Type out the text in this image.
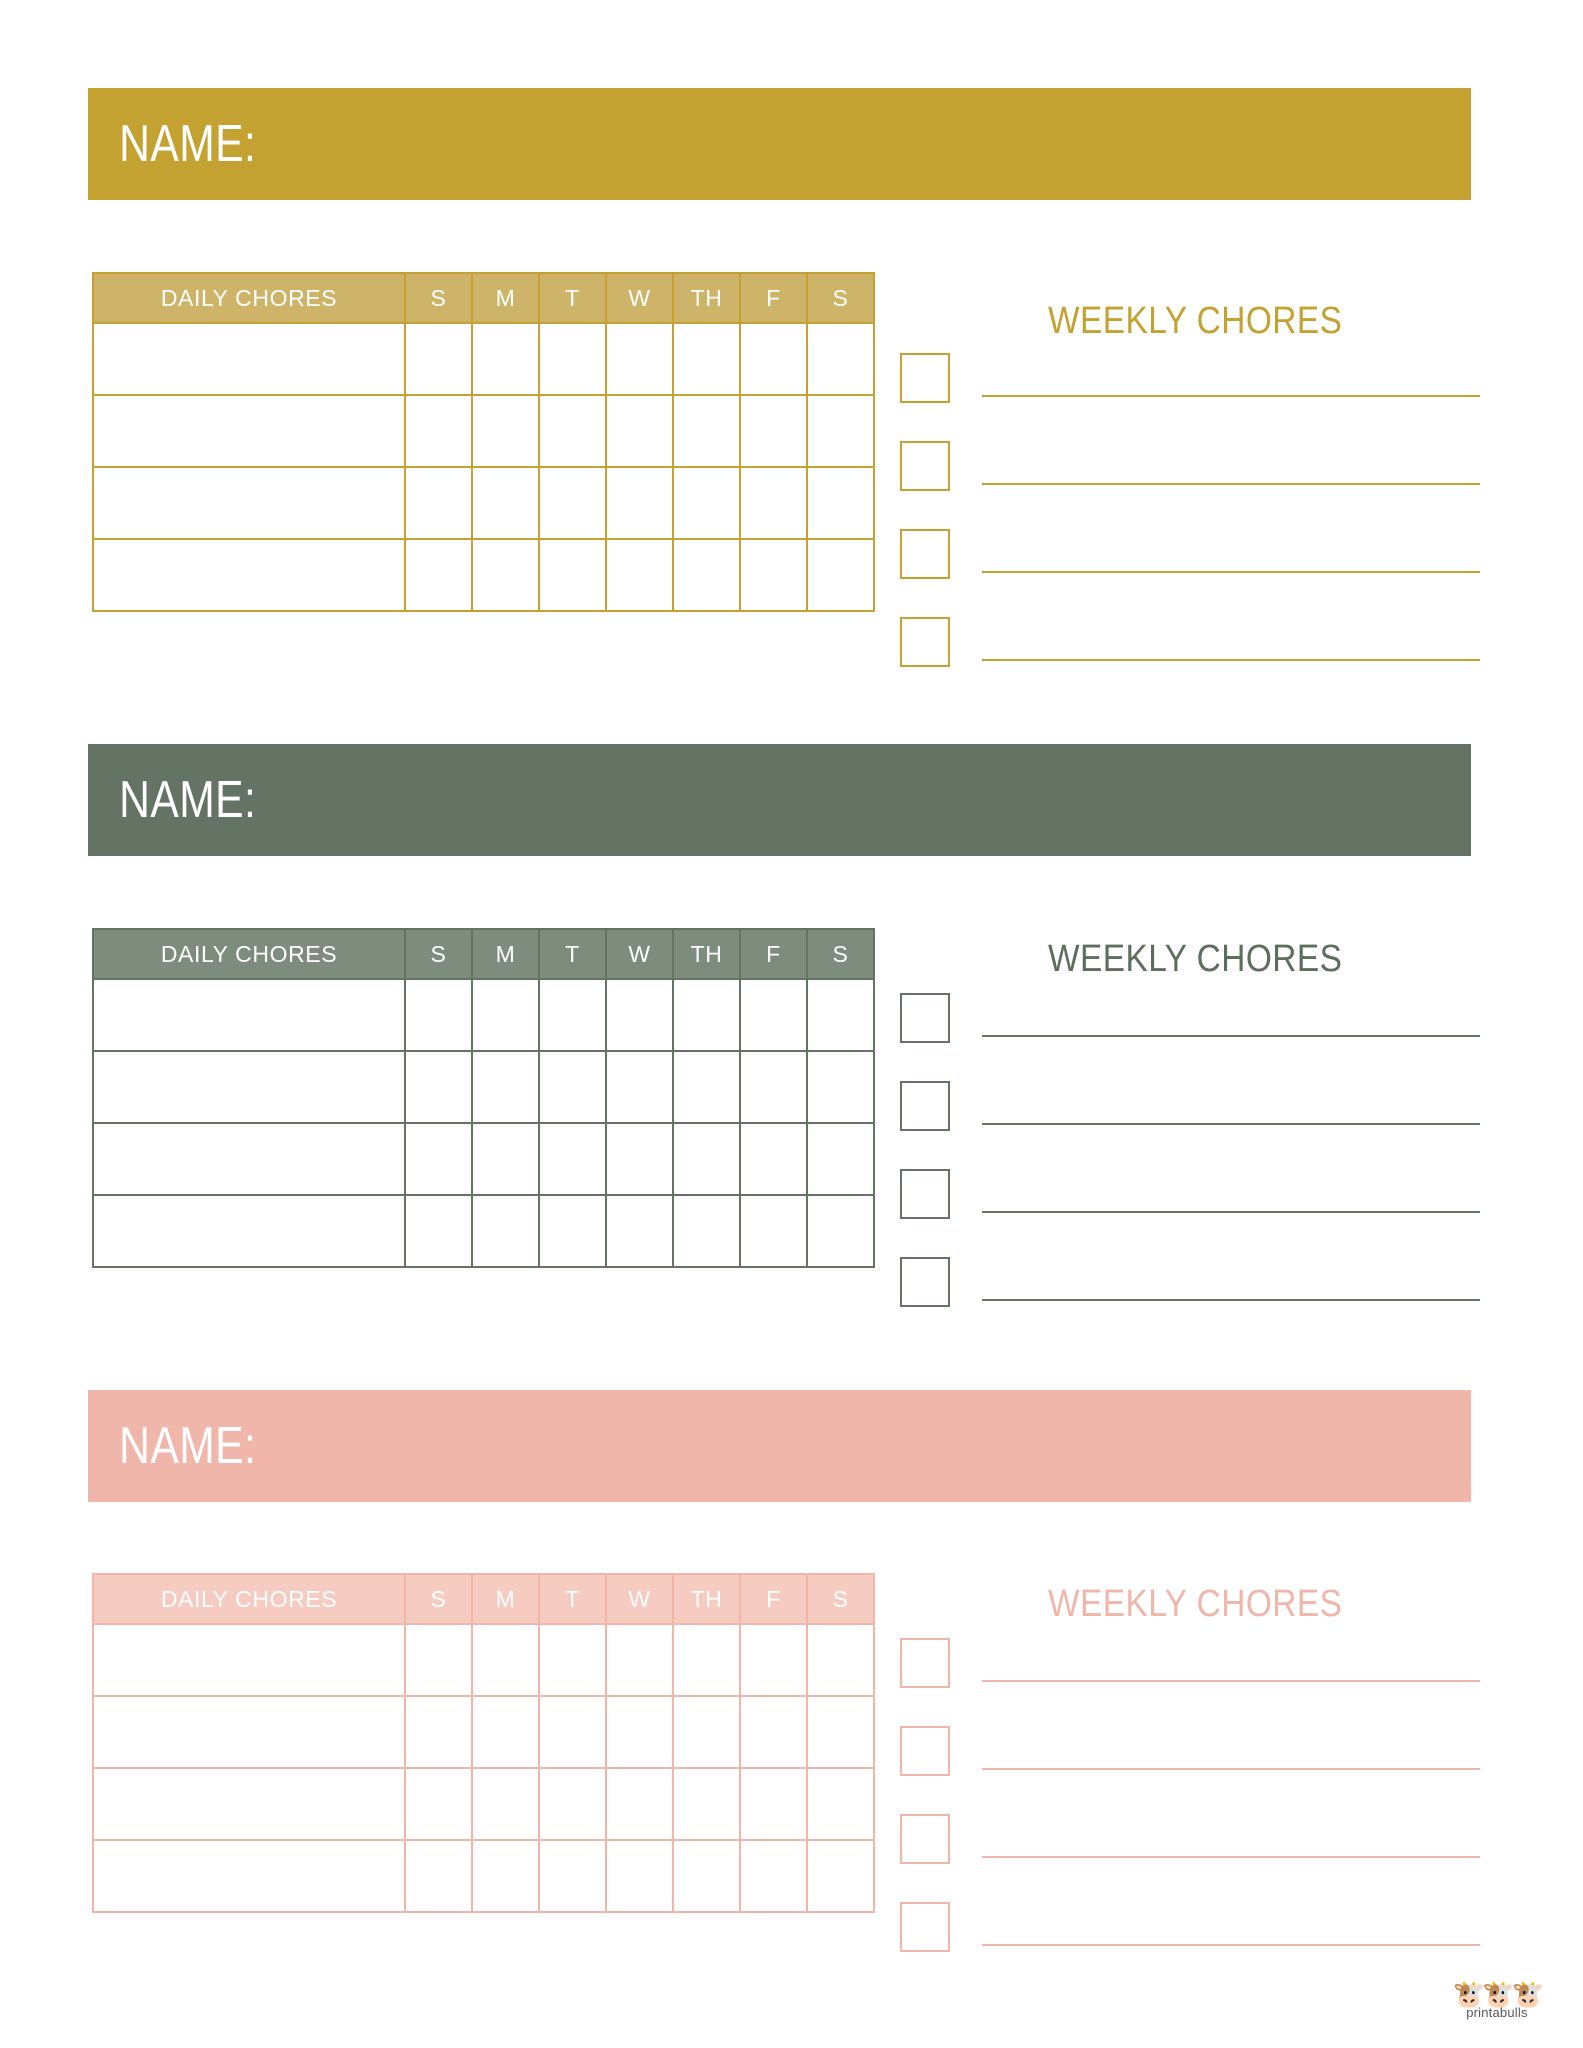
NAME:
DAILY CHORES	S	M	T	W	TH	F	S

WEEKLY CHORES
NAME:
DAILY CHORES	S	M	T	W	TH	F	S

								WEEKLY CHORES
NAME:
DAILY CHORES	S	M	T	W	TH	F	S

								WEEKLY CHORES
🐮🐮🐮
printabulls
